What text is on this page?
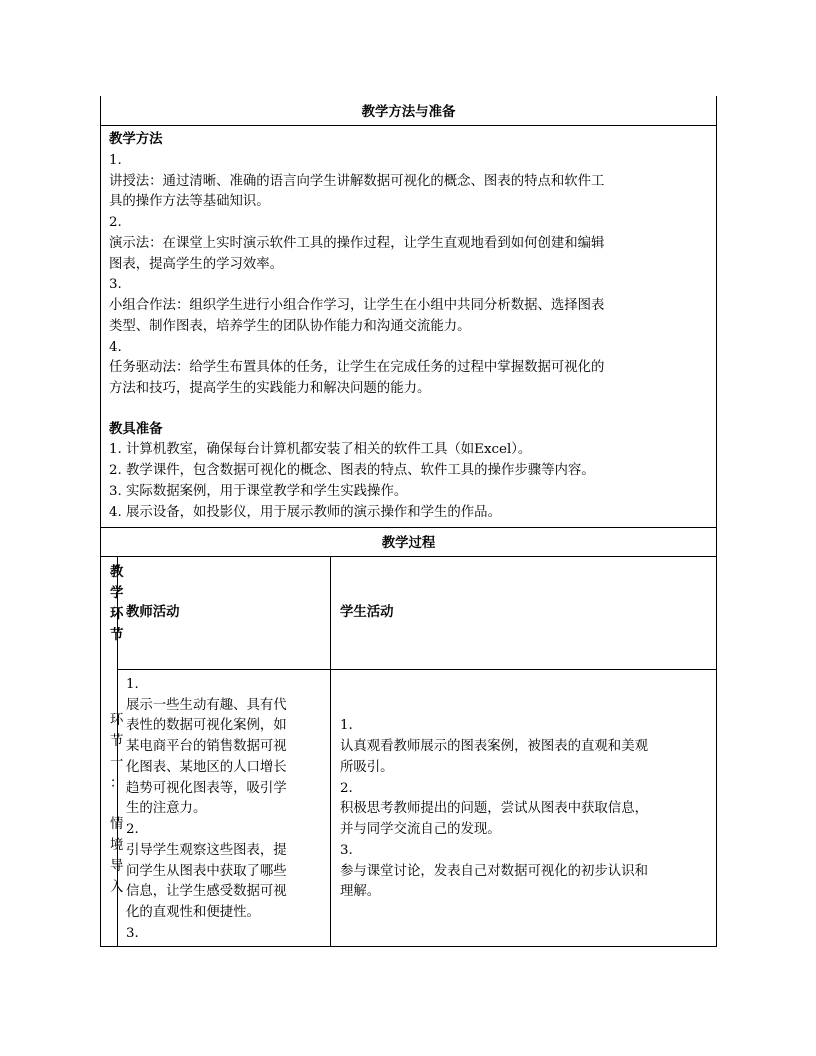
教学方法与准备
教学方法
1.
讲授法：通过清晰、准确的语言向学生讲解数据可视化的概念、图表的特点和软件工
具的操作方法等基础知识。
2.
演示法：在课堂上实时演示软件工具的操作过程，让学生直观地看到如何创建和编辑
图表，提高学生的学习效率。
3.
小组合作法：组织学生进行小组合作学习，让学生在小组中共同分析数据、选择图表
类型、制作图表，培养学生的团队协作能力和沟通交流能力。
4.
任务驱动法：给学生布置具体的任务，让学生在完成任务的过程中掌握数据可视化的
方法和技巧，提高学生的实践能力和解决问题的能力。
教具准备
1. 计算机教室，确保每台计算机都安装了相关的软件工具（如Excel）。
2. 教学课件，包含数据可视化的概念、图表的特点、软件工具的操作步骤等内容。
3. 实际数据案例，用于课堂教学和学生实践操作。
4. 展示设备，如投影仪，用于展示教师的演示操作和学生的作品。
教学过程
教
学
环
节
教师活动	学生活动
环
节
一
：
情
境
导
入
1.
展示一些生动有趣、具有代
表性的数据可视化案例，如
某电商平台的销售数据可视
化图表、某地区的人口增长
趋势可视化图表等，吸引学
生的注意力。
2.
引导学生观察这些图表，提
问学生从图表中获取了哪些
信息，让学生感受数据可视
化的直观性和便捷性。
3.
1.
认真观看教师展示的图表案例，被图表的直观和美观
所吸引。
2.
积极思考教师提出的问题，尝试从图表中获取信息，
并与同学交流自己的发现。
3.
参与课堂讨论，发表自己对数据可视化的初步认识和
理解。
